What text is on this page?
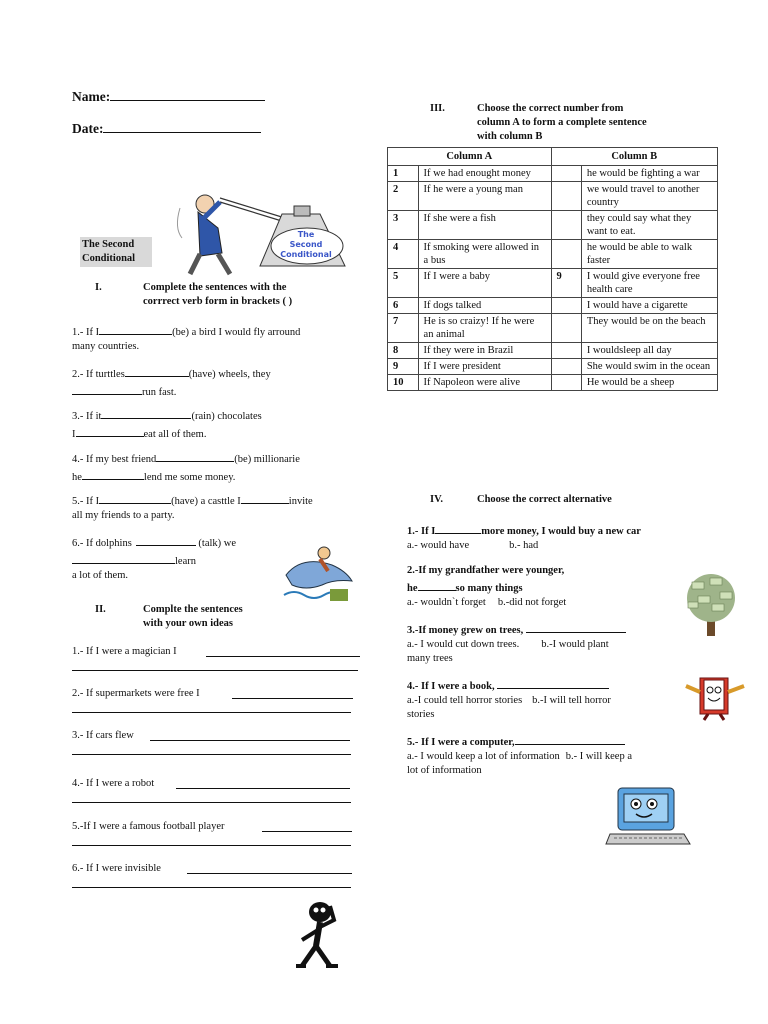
Name:
Date:
The Second
Conditional
The
Second
Conditional
I.	Complete the sentences with the
corrrect verb form in brackets ( )
1.- If I	(be) a bird I would fly arround
many countries.
2.- If turttles	(have) wheels, they
run fast.
3.- If it	(rain) chocolates
I	eat all of them.
4.- If my best friend	(be) millionarie
he	lend me some money.
5.- If I	(have) a casttle I	invite
all my friends to a party.
6.- If dolphins	(talk) we
learn
a lot of them.
II.	Complte the sentences
with your own ideas
1.- If I were a magician I
2.- If supermarkets were free I
3.- If cars flew
4.- If I were a robot
5.-If I were a famous football player
6.- If I were invisible
III.	Choose the correct number from
column A to form a complete sentence
with column B
Column A		Column B	
1	If we had enought money		he would be fighting a war
2	If he were a young man		we would travel to another country
3	If she were a fish		they could say what they want to eat.
4	If smoking were allowed in a bus		he would be able to walk faster
5	If I were a baby	9	I would give everyone free health care
6	If dogs talked		I would have a cigarette
7	He is so craizy! If he were an animal		They would be on the beach
8	If they were in Brazil		I wouldsleep all day
9	If I were president		She would swim in the ocean
10	If Napoleon were alive		He would be a sheep
IV.	Choose the correct alternative
1.- If I	more money, I would buy a new car
a.- would have	b.- had
2.-If my grandfather were younger,
he	so many things
a.- wouldn`t forget b.-did not forget
3.-If money grew on trees,
a.- I would cut down trees. b.-I would plant
many trees
4.- If I were a book,
a.-I could tell horror stories b.-I will tell horror
stories
5.- If I were a computer,
a.- I would keep a lot of information b.- I will keep a
lot of information
